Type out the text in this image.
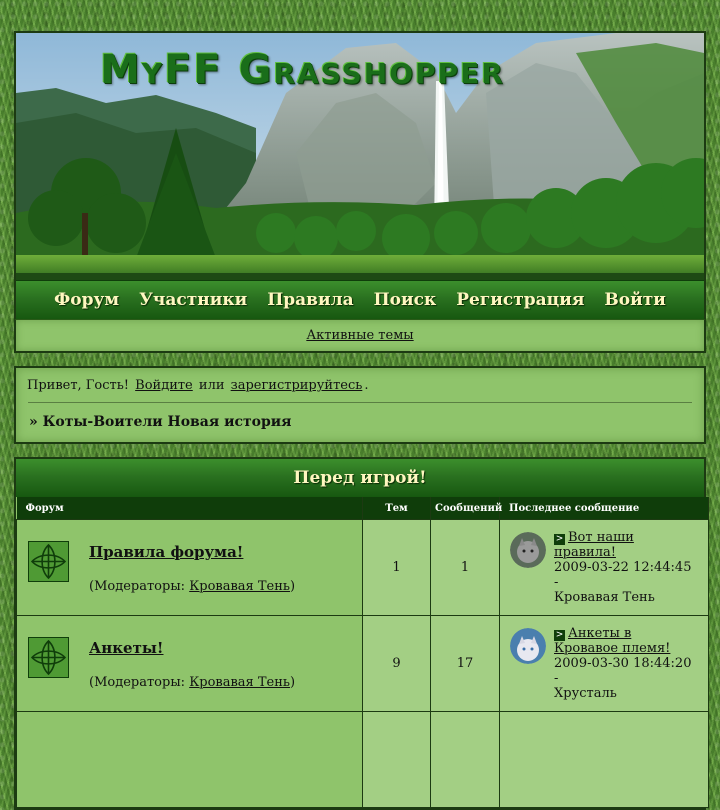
MyFF Grasshopper
Форум Участники Правила Поиск Регистрация Войти
Активные темы
Привет, Гость! Войдите или зарегистрируйтесь .
» Коты-Воители Новая история
Перед игрой!
Форум	Тем	Сообщений	Последнее сообщение

Правила форума!
(Модераторы: Кровавая Тень)	1	1	> Вот наши правила!
2009-03-22 12:44:45 -
Кровавая Тень

Анкеты!
(Модераторы: Кровавая Тень)	9	17	> Анкеты в Кровавое племя!
2009-03-30 18:44:20 -
Хрусталь
